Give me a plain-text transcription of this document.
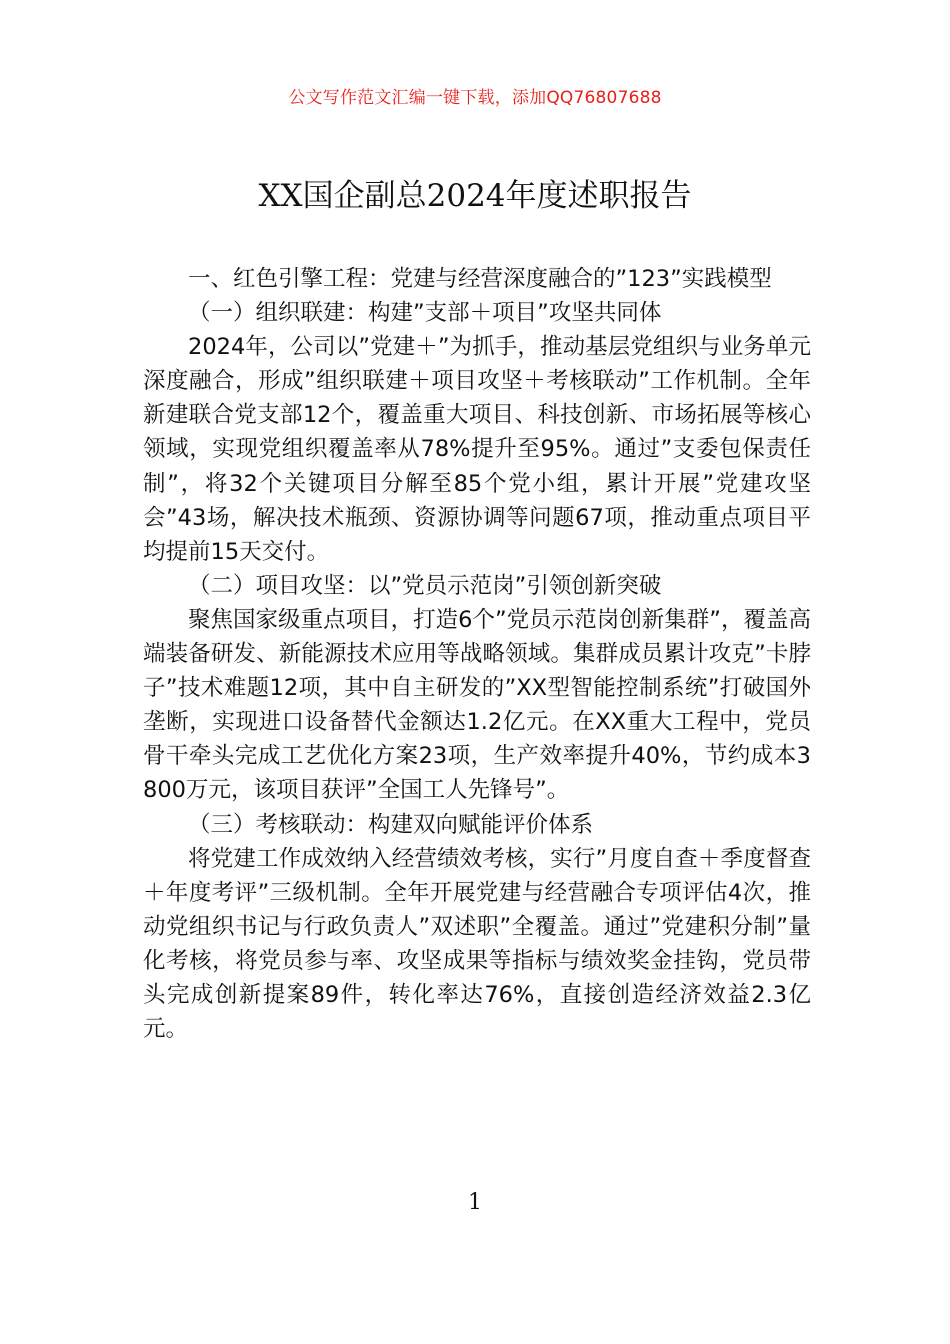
公文写作范文汇编一键下载，添加QQ76807688
XX国企副总2024年度述职报告

一、红色引擎工程：党建与经营深度融合的”123”实践模型

（一）组织联建：构建”支部＋项目”攻坚共同体

2024年，公司以”党建＋”为抓手，推动基层党组织与业务单元深度融合，形成”组织联建＋项目攻坚＋考核联动”工作机制。全年新建联合党支部12个，覆盖重大项目、科技创新、市场拓展等核心领域，实现党组织覆盖率从78%提升至95%。通过”支委包保责任制”，将32个关键项目分解至85个党小组，累计开展”党建攻坚会”43场，解决技术瓶颈、资源协调等问题67项，推动重点项目平均提前15天交付。

（二）项目攻坚：以”党员示范岗”引领创新突破

聚焦国家级重点项目，打造6个”党员示范岗创新集群”，覆盖高端装备研发、新能源技术应用等战略领域。集群成员累计攻克”卡脖子”技术难题12项，其中自主研发的”XX型智能控制系统”打破国外垄断，实现进口设备替代金额达1.2亿元。在XX重大工程中，党员骨干牵头完成工艺优化方案23项，生产效率提升40%，节约成本3800万元，该项目获评”全国工人先锋号”。

（三）考核联动：构建双向赋能评价体系

将党建工作成效纳入经营绩效考核，实行”月度自查＋季度督查＋年度考评”三级机制。全年开展党建与经营融合专项评估4次，推动党组织书记与行政负责人”双述职”全覆盖。通过”党建积分制”量化考核，将党员参与率、攻坚成果等指标与绩效奖金挂钩，党员带头完成创新提案89件，转化率达76%，直接创造经济效益2.3亿元。

1
